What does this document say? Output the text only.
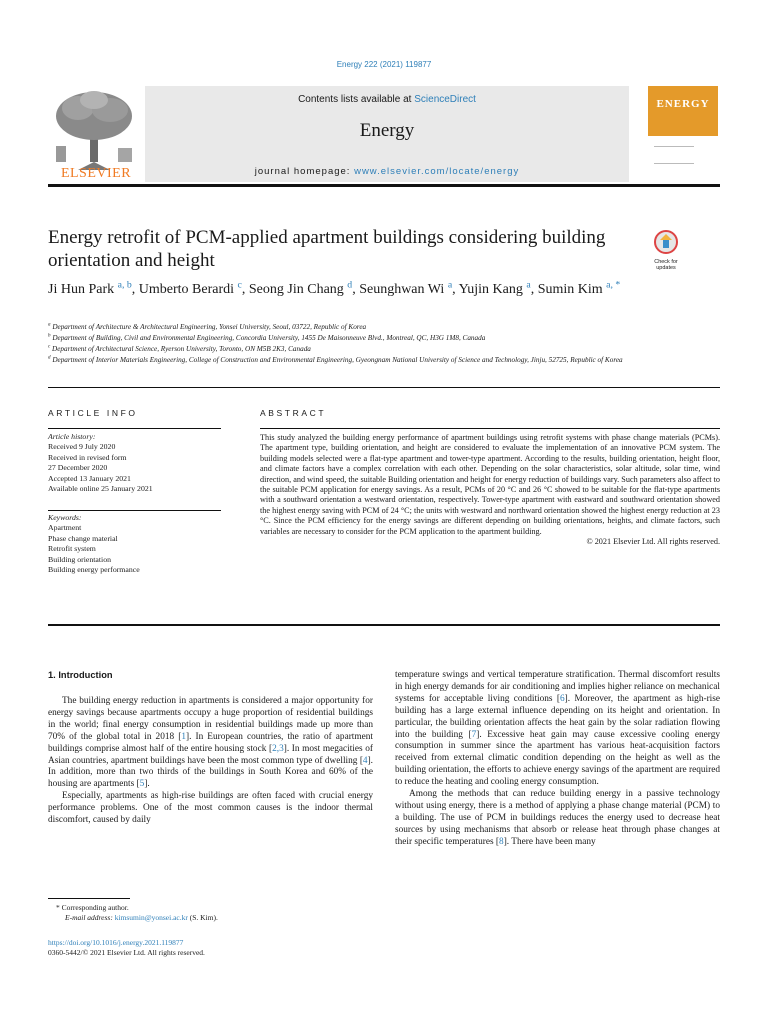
Energy 222 (2021) 119877
ELSEVIER
Contents lists available at ScienceDirect
Energy
journal homepage: www.elsevier.com/locate/energy
ENERGY
Energy retrofit of PCM-applied apartment buildings considering building orientation and height	Check for updates
Ji Hun Park $^{a, b}$, Umberto Berardi $^c$, Seong Jin Chang $^d$, Seunghwan Wi $^a$, Yujin Kang $^a$, Sumin Kim $^{a, *}$
$^a$ Department of Architecture & Architectural Engineering, Yonsei University, Seoul, 03722, Republic of Korea
$^b$ Department of Building, Civil and Environmental Engineering, Concordia University, 1455 De Maisonneuve Blvd., Montreal, QC, H3G 1M8, Canada
$^c$ Department of Architectural Science, Ryerson University, Toronto, ON M5B 2K3, Canada
$^d$ Department of Interior Materials Engineering, College of Construction and Environmental Engineering, Gyeongnam National University of Science and Technology, Jinju, 52725, Republic of Korea
ARTICLE INFO
Article history:
Received 9 July 2020
Received in revised form
27 December 2020
Accepted 13 January 2021
Available online 25 January 2021
Keywords:
Apartment
Phase change material
Retrofit system
Building orientation
Building energy performance
ABSTRACT
This study analyzed the building energy performance of apartment buildings using retrofit systems with phase change materials (PCMs). The apartment type, building orientation, and height are considered to evaluate the implementation of an innovative PCM system. The building models selected were a flat-type apartment and tower-type apartment. According to the results, building orientation, height floor, and climate factors have a complex correlation with each other. Depending on the solar characteristics, solar altitude, solar time, wind direction, and wind speed, the suitable Building orientation and height for energy reduction of buildings vary. Such parameters also affect to the suitable PCM application for energy savings. As a result, PCMs of 20 °C and 26 °C showed to be suitable for the flat-type apartments with a southward orientation a westward orientation, respectively. Tower-type apartment with eastward and southward orientation showed the highest energy saving with PCM of 24 °C; the units with westward and northward orientation showed the highest energy reduction at 23 °C. Since the PCM efficiency for the energy savings are different depending on building orientations, heights, and climate factors, such variables are necessary to consider for the PCM application to the apartment building.
© 2021 Elsevier Ltd. All rights reserved.
1. Introduction
The building energy reduction in apartments is considered a major opportunity for energy savings because apartments occupy a huge proportion of residential buildings in the world; final energy consumption in residential buildings made up more than 70% of the global total in 2018 [1]. In European countries, the ratio of apartment buildings comprise almost half of the entire housing stock [2,3]. In most megacities of Asian countries, apartment buildings have been the most common type of dwelling [4]. In addition, more than two thirds of the buildings in South Korea and 60% of the housing are apartments [5].
Especially, apartments as high-rise buildings are often faced with crucial energy performance problems. One of the most common causes is the indoor thermal discomfort, caused by daily
temperature swings and vertical temperature stratification. Thermal discomfort results in high energy demands for air conditioning and implies higher reliance on mechanical systems for acceptable living conditions [6]. Moreover, the apartment as high-rise building has a large external influence depending on its height and orientation. In particular, the building orientation affects the heat gain by the solar radiation flowing into the building [7]. Excessive heat gain may cause excessive cooling energy consumption in summer since the apartment has various heat-acquisition factors received from external climatic condition depending on the height as well as the building orientation, the efforts to achieve energy savings of the apartment are required to reduce the heating and cooling energy consumption.
Among the methods that can reduce building energy in a passive technology without using energy, there is a method of applying a phase change material (PCM) to a building. The use of PCM in buildings reduces the energy used to decrease heat sources by using mechanisms that absorb or release heat through phase changes at their specific temperatures [8]. There have been many
* Corresponding author.
E-mail address: kimsumin@yonsei.ac.kr (S. Kim).
https://doi.org/10.1016/j.energy.2021.119877
0360-5442/© 2021 Elsevier Ltd. All rights reserved.
